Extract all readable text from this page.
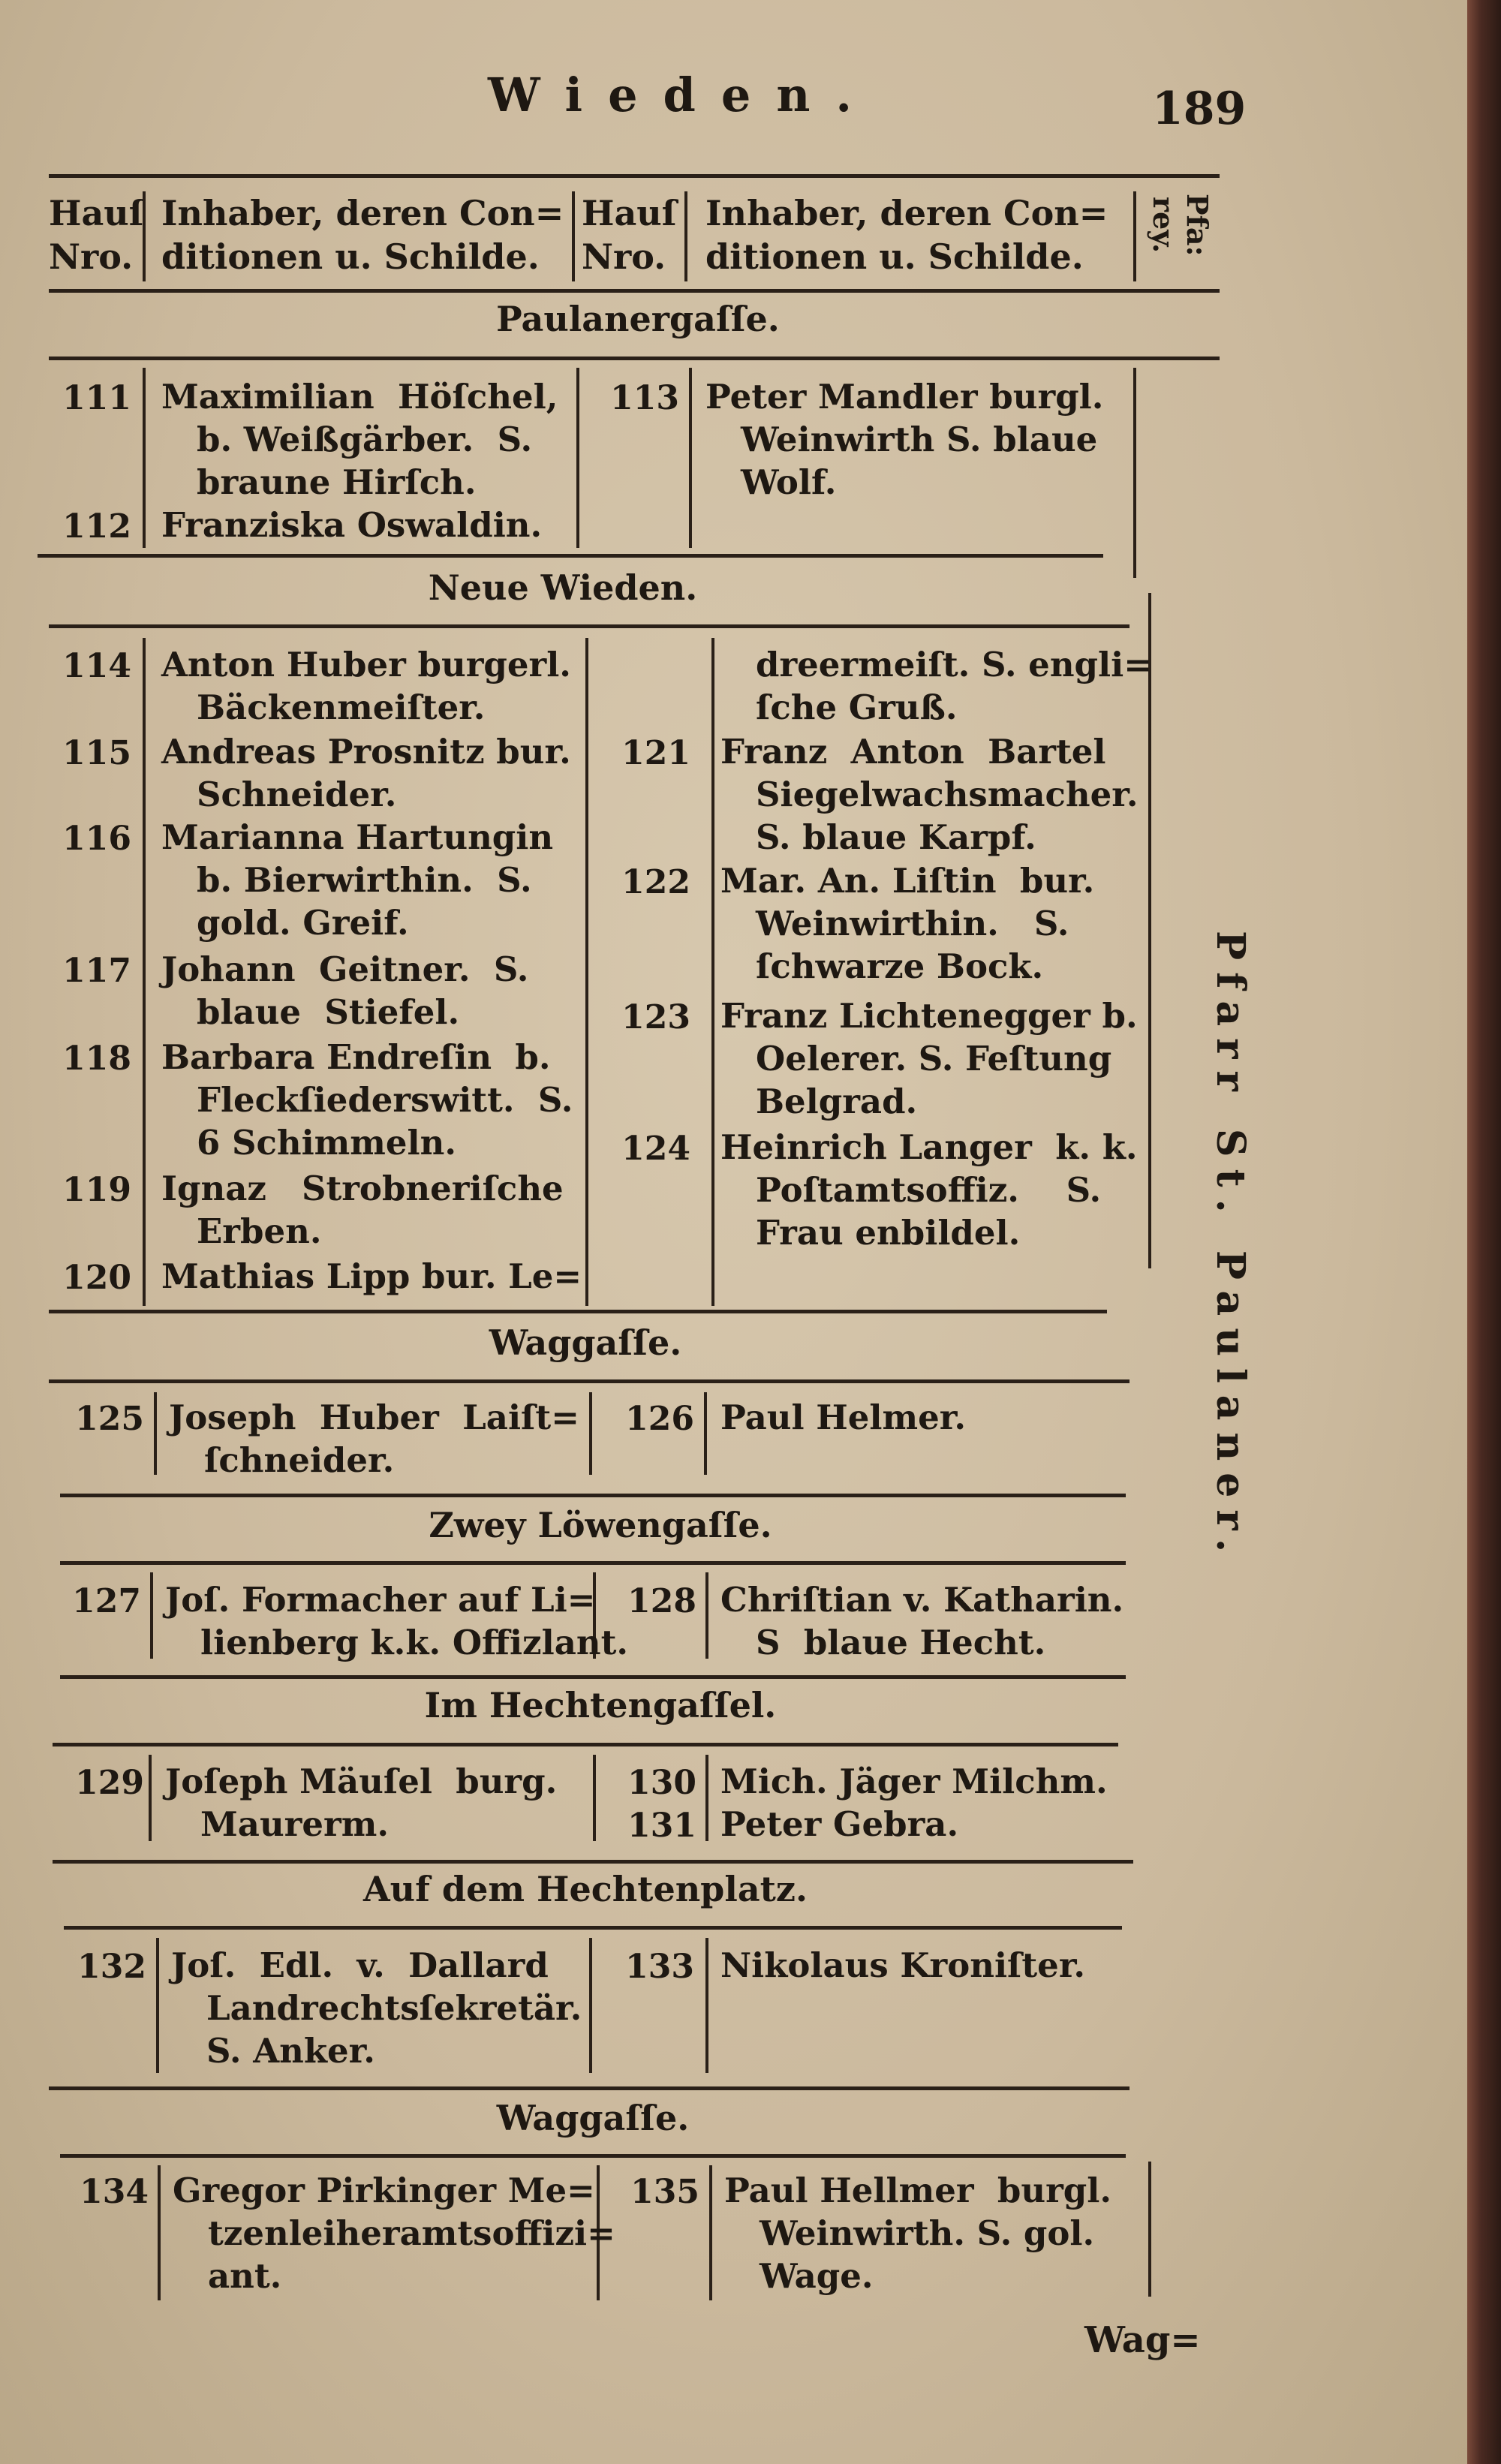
Wieden.	189
Hauſ
Nro.
Inhaber, deren Con=
ditionen u. Schilde.
Hauſ
Nro.
Inhaber, deren Con=
ditionen u. Schilde.
Pfa: rey.
Paulanergaſſe.
111 Maximilian  Höſchel,
b. Weißgärber.  S.
braune Hirſch.
112 Franziska Oswaldin.
113 Peter Mandler burgl.
Weinwirth S. blaue
Wolf.
Neue Wieden.
114 Anton Huber burgerl.
Bäckenmeiſter.
115 Andreas Prosnitz bur.
Schneider.
116 Marianna Hartungin
b. Bierwirthin.  S.
gold. Greif.
117 Johann  Geitner.  S.
blaue  Stiefel.
118 Barbara Endreſin  b.
Fleckſiederswitt.  S.
6 Schimmeln.
119 Ignaz   Strobneriſche
Erben.
120 Mathias Lipp bur. Le=
dreermeiſt. S. engli=
ſche Gruß.
121 Franz  Anton  Bartel
Siegelwachsmacher.
S. blaue Karpf.
122 Mar. An. Liſtin  bur.
Weinwirthin.   S.
ſchwarze Bock.
123 Franz Lichtenegger b.
Oelerer. S. Feſtung
Belgrad.
124 Heinrich Langer  k. k.
Poſtamtsoffiz.    S.
Frau enbildel.
Waggaſſe.
125 Joseph  Huber  Laiſt=
ſchneider.
126 Paul Helmer.
Zwey Löwengaſſe.
127 Joſ. Formacher auf Li=
lienberg k.k. Offizlant.
128 Chriſtian v. Katharin.
S  blaue Hecht.
Im Hechtengaſſel.
129 Joſeph Mäuſel  burg.
Maurerm.
130 Mich. Jäger Milchm.
131 Peter Gebra.
Auf dem Hechtenplatz.
132 Joſ.  Edl.  v.  Dallard
Landrechtsſekretär.
S. Anker.
133 Nikolaus Kroniſter.
Waggaſſe.
134 Gregor Pirkinger Me=
tzenleiheramtsoffizi=
ant.
135 Paul Hellmer  burgl.
Weinwirth. S. gol.
Wage.
Pfarr St. Paulaner.
Wag=
